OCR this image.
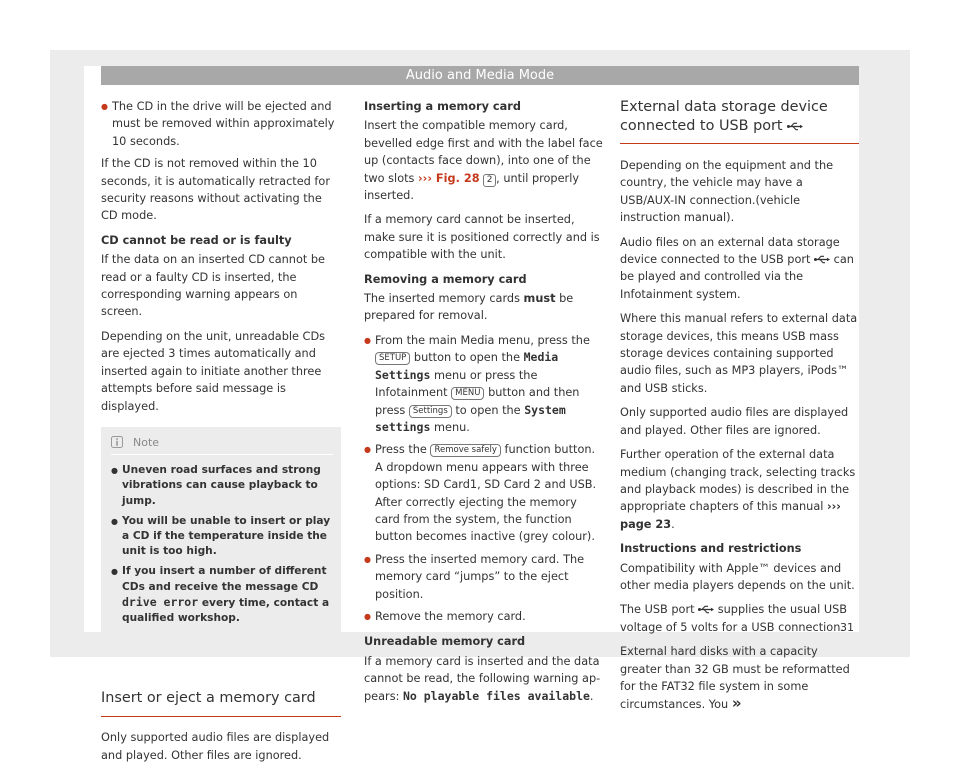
Audio and Media Mode
● The CD in the drive will be ejected and must be removed within approximately 10 seconds.

If the CD is not removed within the 10 seconds, it is automatically retracted for security reasons without activating the CD mode.

CD cannot be read or is faulty

If the data on an inserted CD cannot be read or a faulty CD is inserted, the corresponding warning appears on screen.

Depending on the unit, unreadable CDs are ejected 3 times automatically and inserted again to initiate another three attempts before said message is displayed.

Note
● Uneven road surfaces and strong vibrations can cause playback to jump.
● You will be unable to insert or play a CD if the temperature inside the unit is too high.
● If you insert a number of different CDs and receive the message CD drive error every time, contact a qualified workshop.
Insert or eject a memory card

Only supported audio files are displayed and played. Other files are ignored.

Inserting a memory card

Insert the compatible memory card, bevelled edge first and with the label face up (contacts face down), into one of the two slots ››› Fig. 28 2 , until properly inserted.

If a memory card cannot be inserted, make sure it is positioned correctly and is compatible with the unit.

Removing a memory card

The inserted memory cards must be prepared for removal.

● From the main Media menu, press the SETUP button to open the Media Settings menu or press the Infotainment MENU button and then press Settings to open the System settings menu.
● Press the Remove safely function button. A dropdown menu appears with three options: SD Card1, SD Card 2 and USB. After correctly ejecting the memory card from the system, the function button becomes inactive (grey colour).
● Press the inserted memory card. The memory card “jumps” to the eject position.
● Remove the memory card.

Unreadable memory card

If a memory card is inserted and the data cannot be read, the following warning appears: No playable files available.

External data storage device connected to USB port

Depending on the equipment and the country, the vehicle may have a USB/AUX-IN connection.(vehicle instruction manual).

Audio files on an external data storage device connected to the USB port can be played and controlled via the Infotainment system.

Where this manual refers to external data storage devices, this means USB mass storage devices containing supported audio files, such as MP3 players, iPods™ and USB sticks.

Only supported audio files are displayed and played. Other files are ignored.

Further operation of the external data medium (changing track, selecting tracks and playback modes) is described in the appropriate chapters of this manual ››› page 23.

Instructions and restrictions

Compatibility with Apple™ devices and other media players depends on the unit.

The USB port supplies the usual USB voltage of 5 volts for a USB connection.

External hard disks with a capacity greater than 32 GB must be reformatted for the FAT32 file system in some circumstances. You »

31
